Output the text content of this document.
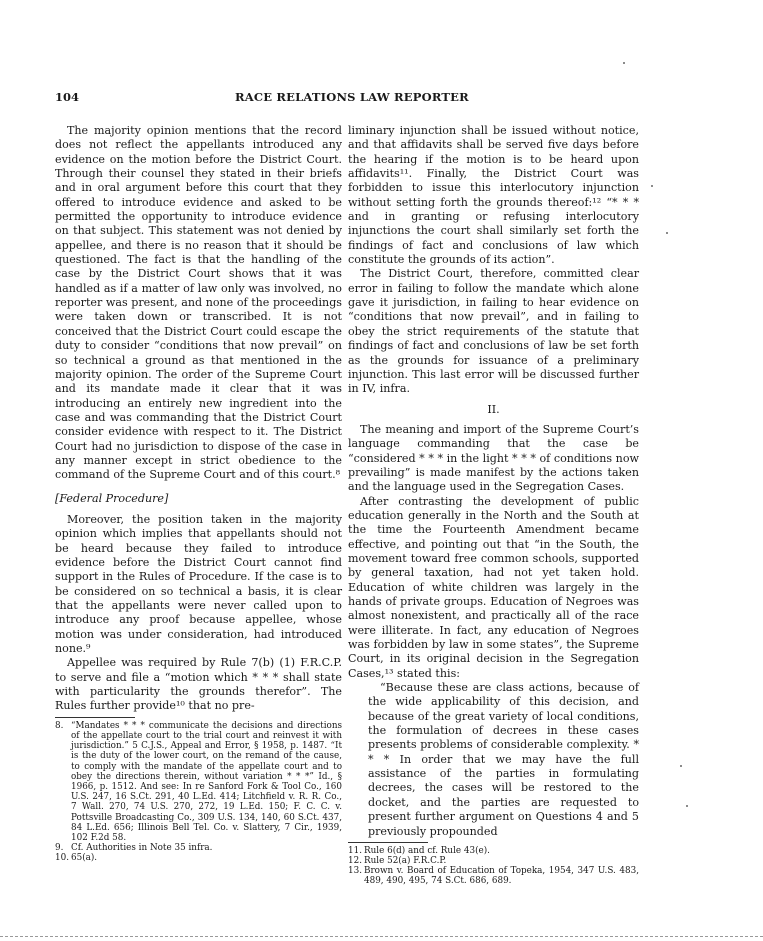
104	RACE RELATIONS LAW REPORTER

The majority opinion mentions that the record does not reflect the appellants introduced any evidence on the motion before the District Court. Through their counsel they stated in their briefs and in oral argument before this court that they offered to introduce evidence and asked to be permitted the opportunity to introduce evidence on that subject. This statement was not denied by appellee, and there is no reason that it should be questioned. The fact is that the handling of the case by the District Court shows that it was handled as if a matter of law only was involved, no reporter was present, and none of the proceedings were taken down or transcribed. It is not conceived that the District Court could escape the duty to consider “conditions that now prevail” on so technical a ground as that mentioned in the majority opinion. The order of the Supreme Court and its mandate made it clear that it was introducing an entirely new ingredient into the case and was commanding that the District Court consider evidence with respect to it. The District Court had no jurisdiction to dispose of the case in any manner except in strict obedience to the command of the Supreme Court and of this court.⁸

[Federal Procedure]

Moreover, the position taken in the majority opinion which implies that appellants should not be heard because they failed to introduce evidence before the District Court cannot find support in the Rules of Procedure. If the case is to be considered on so technical a basis, it is clear that the appellants were never called upon to introduce any proof because appellee, whose motion was under consideration, had introduced none.⁹

Appellee was required by Rule 7(b) (1) F.R.C.P. to serve and file a “motion which * * * shall state with particularity the grounds therefor”. The Rules further provide¹⁰ that no pre-

8. “Mandates * * * communicate the decisions and directions of the appellate court to the trial court and reinvest it with jurisdiction.” 5 C.J.S., Appeal and Error, § 1958, p. 1487. “It is the duty of the lower court, on the remand of the cause, to comply with the mandate of the appellate court and to obey the directions therein, without variation * * *” Id., § 1966, p. 1512. And see: In re Sanford Fork & Tool Co., 160 U.S. 247, 16 S.Ct. 291, 40 L.Ed. 414; Litchfield v. R. R. Co., 7 Wall. 270, 74 U.S. 270, 272, 19 L.Ed. 150; F. C. C. v. Pottsville Broadcasting Co., 309 U.S. 134, 140, 60 S.Ct. 437, 84 L.Ed. 656; Illinois Bell Tel. Co. v. Slattery, 7 Cir., 1939, 102 F.2d 58.
9. Cf. Authorities in Note 35 infra.
10. 65(a).

liminary injunction shall be issued without notice, and that affidavits shall be served five days before the hearing if the motion is to be heard upon affidavits¹¹. Finally, the District Court was forbidden to issue this interlocutory injunction without setting forth the grounds thereof:¹² “* * * and in granting or refusing interlocutory injunctions the court shall similarly set forth the findings of fact and conclusions of law which constitute the grounds of its action”.

The District Court, therefore, committed clear error in failing to follow the mandate which alone gave it jurisdiction, in failing to hear evidence on “conditions that now prevail”, and in failing to obey the strict requirements of the statute that findings of fact and conclusions of law be set forth as the grounds for issuance of a preliminary injunction. This last error will be discussed further in IV, infra.

II.

The meaning and import of the Supreme Court’s language commanding that the case be “considered * * * in the light * * * of conditions now prevailing” is made manifest by the actions taken and the language used in the Segregation Cases.

After contrasting the development of public education generally in the North and the South at the time the Fourteenth Amendment became effective, and pointing out that “in the South, the movement toward free common schools, supported by general taxation, had not yet taken hold. Education of white children was largely in the hands of private groups. Education of Negroes was almost nonexistent, and practically all of the race were illiterate. In fact, any education of Negroes was forbidden by law in some states”, the Supreme Court, in its original decision in the Segregation Cases,¹³ stated this:

“Because these are class actions, because of the wide applicability of this decision, and because of the great variety of local conditions, the formulation of decrees in these cases presents problems of considerable complexity. * * * In order that we may have the full assistance of the parties in formulating decrees, the cases will be restored to the docket, and the parties are requested to present further argument on Questions 4 and 5 previously propounded

11. Rule 6(d) and cf. Rule 43(e).
12. Rule 52(a) F.R.C.P.
13. Brown v. Board of Education of Topeka, 1954, 347 U.S. 483, 489, 490, 495, 74 S.Ct. 686, 689.
